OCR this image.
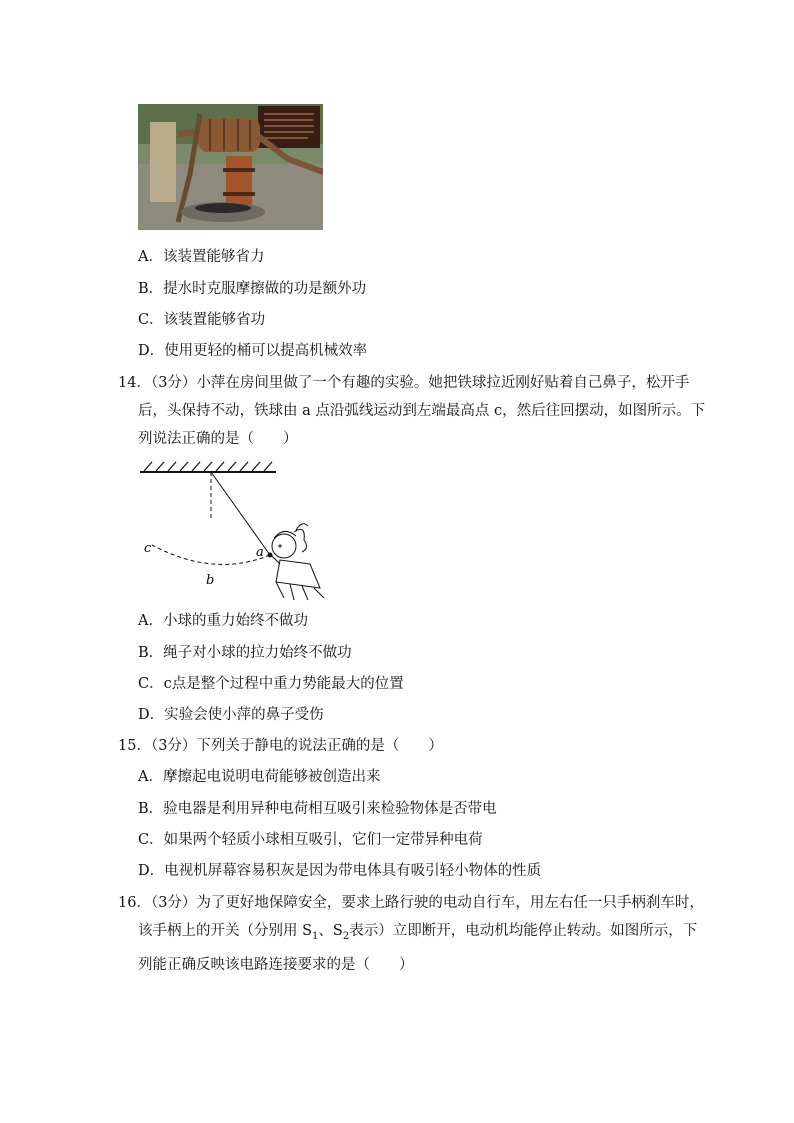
A．该装置能够省力
B．提水时克服摩擦做的功是额外功
C．该装置能够省功
D．使用更轻的桶可以提高机械效率
14．（3分）小萍在房间里做了一个有趣的实验。她把铁球拉近刚好贴着自己鼻子，松开手
后，头保持不动，铁球由 a 点沿弧线运动到左端最高点 c，然后往回摆动，如图所示。下
列说法正确的是（　　）
c
b
a
A．小球的重力始终不做功
B．绳子对小球的拉力始终不做功
C．c点是整个过程中重力势能最大的位置
D．实验会使小萍的鼻子受伤
15．（3分）下列关于静电的说法正确的是（　　）
A．摩擦起电说明电荷能够被创造出来
B．验电器是利用异种电荷相互吸引来检验物体是否带电
C．如果两个轻质小球相互吸引，它们一定带异种电荷
D．电视机屏幕容易积灰是因为带电体具有吸引轻小物体的性质
16．（3分）为了更好地保障安全，要求上路行驶的电动自行车，用左右任一只手柄刹车时，
该手柄上的开关（分别用 $S_1$、$S_2$表示）立即断开，电动机均能停止转动。如图所示，下
列能正确反映该电路连接要求的是（　　）
